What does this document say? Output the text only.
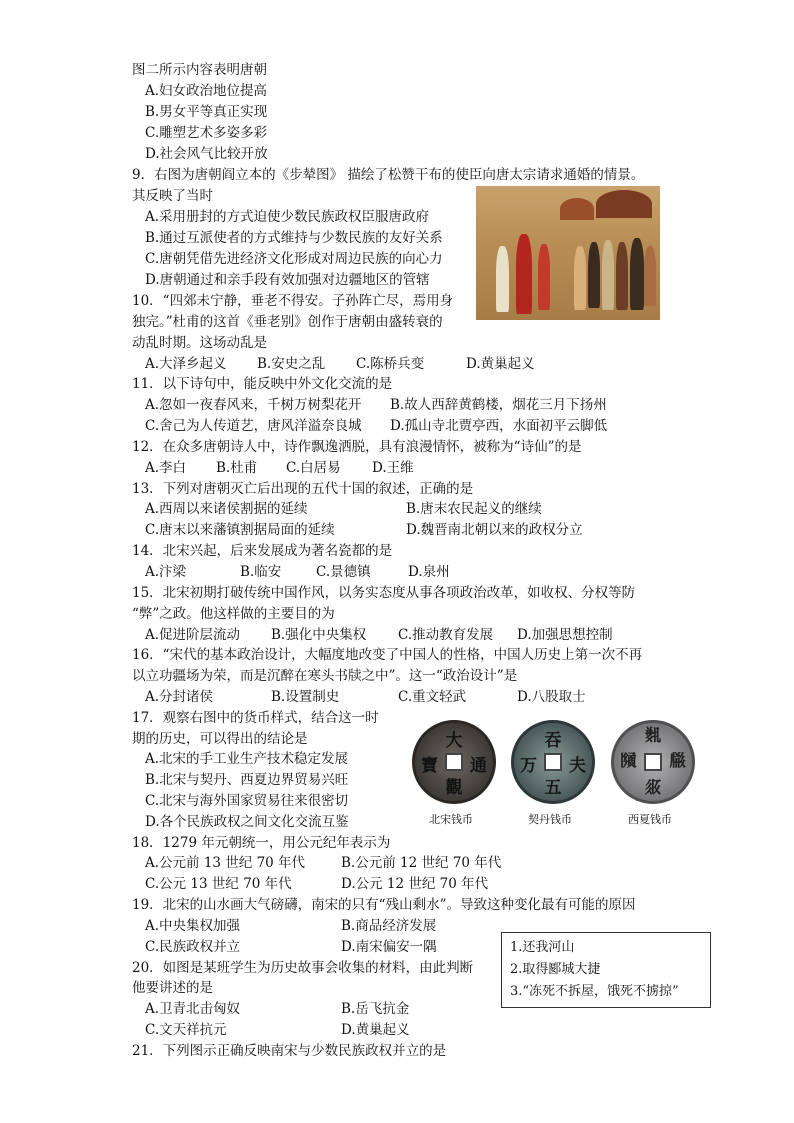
图二所示内容表明唐朝
A.妇女政治地位提高
B.男女平等真正实现
C.雕塑艺术多姿多彩
D.社会风气比较开放
9．右图为唐朝阎立本的《步辇图》 描绘了松赞干布的使臣向唐太宗请求通婚的情景。
其反映了当时
A.采用册封的方式迫使少数民族政权臣服唐政府
B.通过互派使者的方式维持与少数民族的友好关系
C.唐朝凭借先进经济文化形成对周边民族的向心力
D.唐朝通过和亲手段有效加强对边疆地区的管辖
10．“四郊未宁静，垂老不得安。子孙阵亡尽，焉用身
独完。”杜甫的这首《垂老别》创作于唐朝由盛转衰的
动乱时期。这场动乱是
A.大泽乡起义 B.安史之乱 C.陈桥兵变	D.黄巢起义
11．以下诗句中，能反映中外文化交流的是
A.忽如一夜春风来，千树万树梨花开 B.故人西辞黄鹤楼，烟花三月下扬州
C.舍己为人传道艺，唐风洋溢奈良城 D.孤山寺北贾亭西，水面初平云脚低
12．在众多唐朝诗人中，诗作飘逸洒脱，具有浪漫情怀，被称为“诗仙”的是
A.李白 B.杜甫 C.白居易 D.王维
13．下列对唐朝灭亡后出现的五代十国的叙述，正确的是
A.西周以来诸侯割据的延续	B.唐末农民起义的继续
C.唐末以来藩镇割据局面的延续	D.魏晋南北朝以来的政权分立
14．北宋兴起，后来发展成为著名瓷都的是
A.汴梁	B.临安	C.景德镇	D.泉州
15．北宋初期打破传统中国作风，以务实态度从事各项政治改革，如收权、分权等防
“弊”之政。他这样做的主要目的为
A.促进阶层流动 B.强化中央集权 C.推动教育发展 D.加强思想控制
16．“宋代的基本政治设计，大幅度地改变了中国人的性格，中国人历史上第一次不再
以立功疆场为荣，而是沉醉在寒头书牍之中”。这一“政治设计”是
A.分封诸侯	B.设置制史	C.重文轻武	D.八股取士
17．观察右图中的货币样式，结合这一时
期的历史，可以得出的结论是
A.北宋的手工业生产技术稳定发展
B.北宋与契丹、西夏边界贸易兴旺
C.北宋与海外国家贸易往来很密切
D.各个民族政权之间文化交流互鉴
大
通
寶
觀
北宋钱币
吞
夫
万
五
契丹钱币
𘝦
𗆐
𗂧
𗼇
西夏钱币
18．1279 年元朝统一，用公元纪年表示为
A.公元前 13 世纪 70 年代	B.公元前 12 世纪 70 年代
C.公元 13 世纪 70 年代	D.公元 12 世纪 70 年代
19．北宋的山水画大气磅礴，南宋的只有“残山剩水”。导致这种变化最有可能的原因
A.中央集权加强	B.商品经济发展
C.民族政权并立	D.南宋偏安一隅
20．如图是某班学生为历史故事会收集的材料，由此判断
他要讲述的是
A.卫青北击匈奴	B.岳飞抗金
C.文天祥抗元	D.黄巢起义
1.还我河山
2.取得郾城大捷
3.“冻死不拆屋，饿死不掳掠”
21．下列图示正确反映南宋与少数民族政权并立的是
